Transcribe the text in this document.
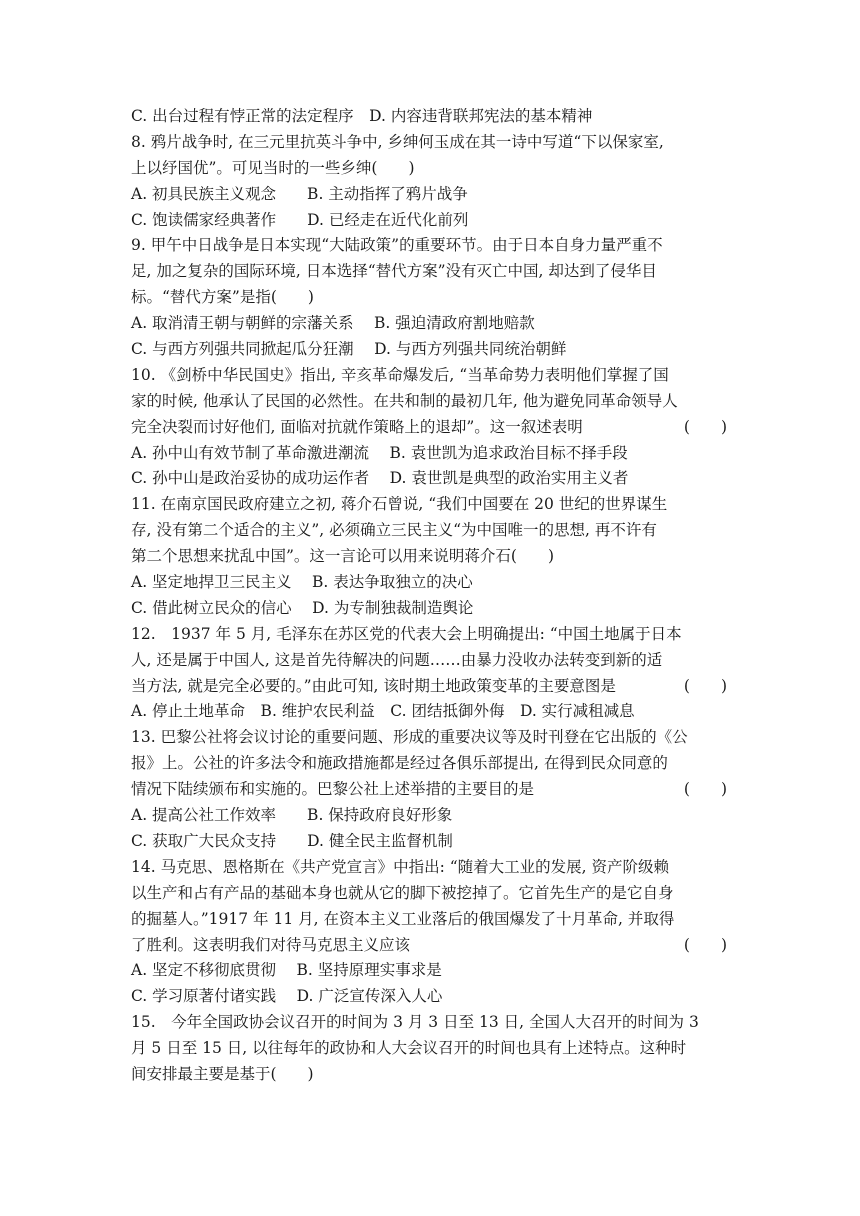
C. 出台过程有悖正常的法定程序　D. 内容违背联邦宪法的基本精神
8. 鸦片战争时, 在三元里抗英斗争中, 乡绅何玉成在其一诗中写道“下以保家室,
上以纾国优”。可见当时的一些乡绅(　　)
A. 初具民族主义观念　　B. 主动指挥了鸦片战争
C. 饱读儒家经典著作　　D. 已经走在近代化前列
9. 甲午中日战争是日本实现“大陆政策”的重要环节。由于日本自身力量严重不
足, 加之复杂的国际环境, 日本选择“替代方案”没有灭亡中国, 却达到了侵华目
标。“替代方案”是指(　　)
A. 取消清王朝与朝鲜的宗藩关系　 B. 强迫清政府割地赔款
C. 与西方列强共同掀起瓜分狂潮　 D. 与西方列强共同统治朝鲜
10. 《剑桥中华民国史》指出, 辛亥革命爆发后, “当革命势力表明他们掌握了国
家的时候, 他承认了民国的必然性。在共和制的最初几年, 他为避免同革命领导人
完全决裂而讨好他们, 面临对抗就作策略上的退却”。这一叙述表明	(　　)
A. 孙中山有效节制了革命激进潮流　 B. 袁世凯为追求政治目标不择手段
C. 孙中山是政治妥协的成功运作者　 D. 袁世凯是典型的政治实用主义者
11. 在南京国民政府建立之初, 蒋介石曾说, “我们中国要在 20 世纪的世界谋生
存, 没有第二个适合的主义”, 必须确立三民主义“为中国唯一的思想, 再不许有
第二个思想来扰乱中国”。这一言论可以用来说明蒋介石(　　)
A. 坚定地捍卫三民主义　 B. 表达争取独立的决心
C. 借此树立民众的信心　 D. 为专制独裁制造舆论
12.　1937 年 5 月, 毛泽东在苏区党的代表大会上明确提出: “中国土地属于日本
人, 还是属于中国人, 这是首先待解决的问题……由暴力没收办法转变到新的适
当方法, 就是完全必要的。”由此可知, 该时期土地政策变革的主要意图是	(　　)
A. 停止土地革命　B. 维护农民利益　C. 团结抵御外侮　D. 实行减租减息
13. 巴黎公社将会议讨论的重要问题、形成的重要决议等及时刊登在它出版的《公
报》上。公社的许多法令和施政措施都是经过各俱乐部提出, 在得到民众同意的
情况下陆续颁布和实施的。巴黎公社上述举措的主要目的是	(　　)
A. 提高公社工作效率　　B. 保持政府良好形象
C. 获取广大民众支持　　D. 健全民主监督机制
14. 马克思、恩格斯在《共产党宣言》中指出: “随着大工业的发展, 资产阶级赖
以生产和占有产品的基础本身也就从它的脚下被挖掉了。它首先生产的是它自身
的掘墓人。”1917 年 11 月, 在资本主义工业落后的俄国爆发了十月革命, 并取得
了胜利。这表明我们对待马克思主义应该	(　　)
A. 坚定不移彻底贯彻　 B. 坚持原理实事求是
C. 学习原著付诸实践　 D. 广泛宣传深入人心
15.　今年全国政协会议召开的时间为 3 月 3 日至 13 日, 全国人大召开的时间为 3
月 5 日至 15 日, 以往每年的政协和人大会议召开的时间也具有上述特点。这种时
间安排最主要是基于(　　)
